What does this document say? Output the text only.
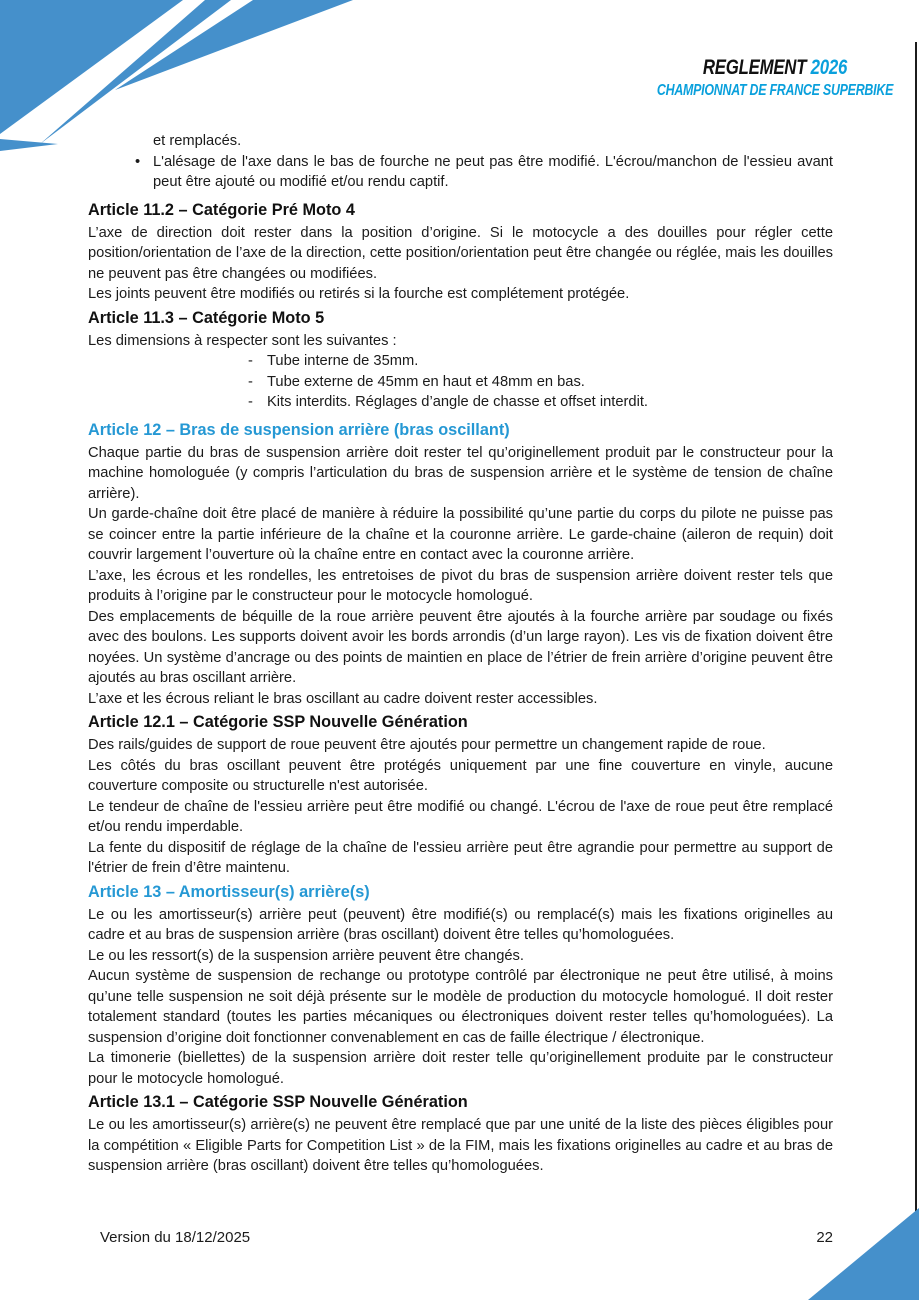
REGLEMENT 2026
CHAMPIONNAT DE FRANCE SUPERBIKE
et remplacés.
• L'alésage de l'axe dans le bas de fourche ne peut pas être modifié. L'écrou/manchon de l'essieu avant peut être ajouté ou modifié et/ou rendu captif.
Article 11.2 – Catégorie Pré Moto 4

L’axe de direction doit rester dans la position d’origine. Si le motocycle a des douilles pour régler cette position/orientation de l’axe de la direction, cette position/orientation peut être changée ou réglée, mais les douilles ne peuvent pas être changées ou modifiées.

Les joints peuvent être modifiés ou retirés si la fourche est complétement protégée.

Article 11.3 – Catégorie Moto 5

Les dimensions à respecter sont les suivantes :

- Tube interne de 35mm.
- Tube externe de 45mm en haut et 48mm en bas.
- Kits interdits. Réglages d’angle de chasse et offset interdit.
Article 12 – Bras de suspension arrière (bras oscillant)

Chaque partie du bras de suspension arrière doit rester tel qu’originellement produit par le constructeur pour la machine homologuée (y compris l’articulation du bras de suspension arrière et le système de tension de chaîne arrière).

Un garde-chaîne doit être placé de manière à réduire la possibilité qu’une partie du corps du pilote ne puisse pas se coincer entre la partie inférieure de la chaîne et la couronne arrière. Le garde-chaine (aileron de requin) doit couvrir largement l’ouverture où la chaîne entre en contact avec la couronne arrière.

L’axe, les écrous et les rondelles, les entretoises de pivot du bras de suspension arrière doivent rester tels que produits à l’origine par le constructeur pour le motocycle homologué.

Des emplacements de béquille de la roue arrière peuvent être ajoutés à la fourche arrière par soudage ou fixés avec des boulons. Les supports doivent avoir les bords arrondis (d’un large rayon). Les vis de fixation doivent être noyées. Un système d’ancrage ou des points de maintien en place de l’étrier de frein arrière d’origine peuvent être ajoutés au bras oscillant arrière.

L’axe et les écrous reliant le bras oscillant au cadre doivent rester accessibles.

Article 12.1 – Catégorie SSP Nouvelle Génération

Des rails/guides de support de roue peuvent être ajoutés pour permettre un changement rapide de roue.

Les côtés du bras oscillant peuvent être protégés uniquement par une fine couverture en vinyle, aucune couverture composite ou structurelle n'est autorisée.

Le tendeur de chaîne de l'essieu arrière peut être modifié ou changé. L'écrou de l'axe de roue peut être remplacé et/ou rendu imperdable.

La fente du dispositif de réglage de la chaîne de l'essieu arrière peut être agrandie pour permettre au support de l'étrier de frein d’être maintenu.

Article 13 – Amortisseur(s) arrière(s)

Le ou les amortisseur(s) arrière peut (peuvent) être modifié(s) ou remplacé(s) mais les fixations originelles au cadre et au bras de suspension arrière (bras oscillant) doivent être telles qu’homologuées.

Le ou les ressort(s) de la suspension arrière peuvent être changés.

Aucun système de suspension de rechange ou prototype contrôlé par électronique ne peut être utilisé, à moins qu’une telle suspension ne soit déjà présente sur le modèle de production du motocycle homologué. Il doit rester totalement standard (toutes les parties mécaniques ou électroniques doivent rester telles qu’homologuées). La suspension d’origine doit fonctionner convenablement en cas de faille électrique / électronique.

La timonerie (biellettes) de la suspension arrière doit rester telle qu’originellement produite par le constructeur pour le motocycle homologué.

Article 13.1 – Catégorie SSP Nouvelle Génération

Le ou les amortisseur(s) arrière(s) ne peuvent être remplacé que par une unité de la liste des pièces éligibles pour la compétition « Eligible Parts for Competition List » de la FIM, mais les fixations originelles au cadre et au bras de suspension arrière (bras oscillant) doivent être telles qu’homologuées.

Version du 18/12/2025	22
